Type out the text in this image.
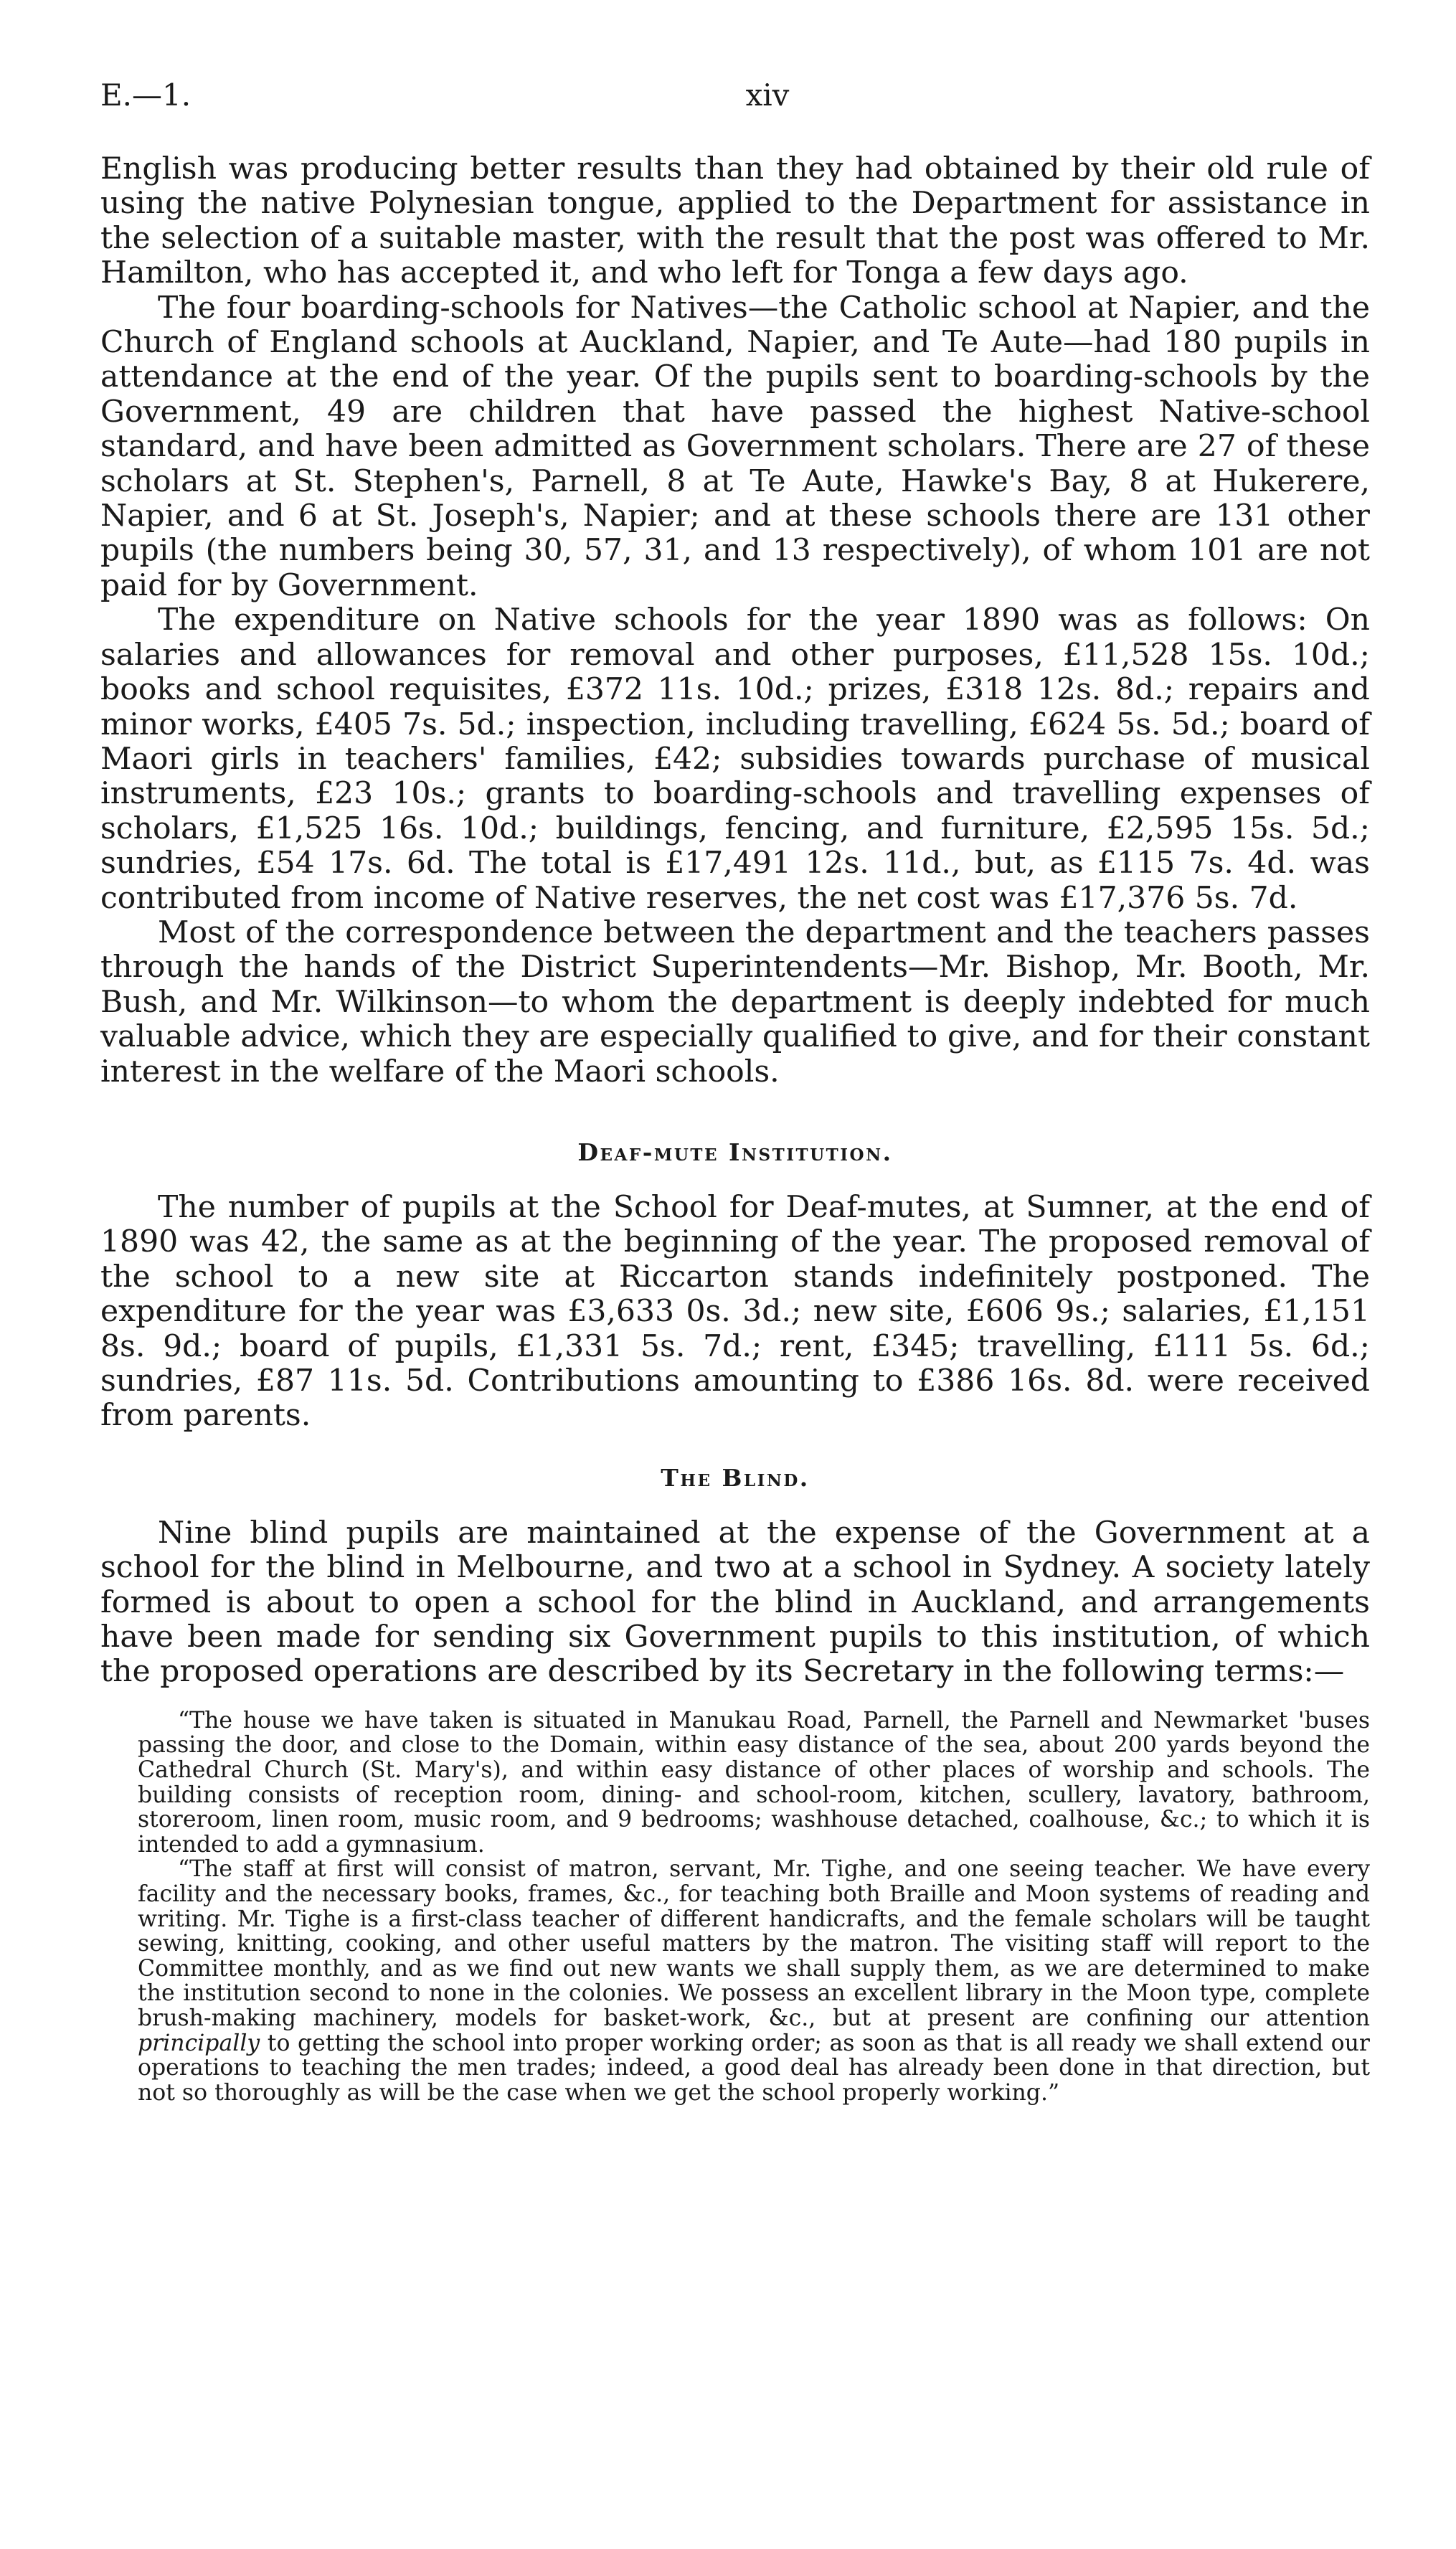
E.—1.	xiv

English was producing better results than they had obtained by their old rule of using the native Polynesian tongue, applied to the Department for assistance in the selection of a suitable master, with the result that the post was offered to Mr. Hamilton, who has accepted it, and who left for Tonga a few days ago.

The four boarding-schools for Natives—the Catholic school at Napier, and the Church of England schools at Auckland, Napier, and Te Aute—had 180 pupils in attendance at the end of the year. Of the pupils sent to boarding-schools by the Government, 49 are children that have passed the highest Native-school standard, and have been admitted as Government scholars. There are 27 of these scholars at St. Stephen's, Parnell, 8 at Te Aute, Hawke's Bay, 8 at Hukerere, Napier, and 6 at St. Joseph's, Napier; and at these schools there are 131 other pupils (the numbers being 30, 57, 31, and 13 respectively), of whom 101 are not paid for by Government.

The expenditure on Native schools for the year 1890 was as follows: On salaries and allowances for removal and other purposes, £11,528 15s. 10d.; books and school requisites, £372 11s. 10d.; prizes, £318 12s. 8d.; repairs and minor works, £405 7s. 5d.; inspection, including travelling, £624 5s. 5d.; board of Maori girls in teachers' families, £42; subsidies towards purchase of musical instruments, £23 10s.; grants to boarding-schools and travelling expenses of scholars, £1,525 16s. 10d.; buildings, fencing, and furniture, £2,595 15s. 5d.; sundries, £54 17s. 6d. The total is £17,491 12s. 11d., but, as £115 7s. 4d. was contributed from income of Native reserves, the net cost was £17,376 5s. 7d.

Most of the correspondence between the department and the teachers passes through the hands of the District Superintendents—Mr. Bishop, Mr. Booth, Mr. Bush, and Mr. Wilkinson—to whom the department is deeply indebted for much valuable advice, which they are especially qualified to give, and for their constant interest in the welfare of the Maori schools.

Deaf-mute Institution.

The number of pupils at the School for Deaf-mutes, at Sumner, at the end of 1890 was 42, the same as at the beginning of the year. The proposed removal of the school to a new site at Riccarton stands indefinitely postponed. The expenditure for the year was £3,633 0s. 3d.; new site, £606 9s.; salaries, £1,151 8s. 9d.; board of pupils, £1,331 5s. 7d.; rent, £345; travelling, £111 5s. 6d.; sundries, £87 11s. 5d. Contributions amounting to £386 16s. 8d. were received from parents.

The Blind.

Nine blind pupils are maintained at the expense of the Government at a school for the blind in Melbourne, and two at a school in Sydney. A society lately formed is about to open a school for the blind in Auckland, and arrangements have been made for sending six Government pupils to this institution, of which the proposed operations are described by its Secretary in the following terms:—

“The house we have taken is situated in Manukau Road, Parnell, the Parnell and Newmarket 'buses passing the door, and close to the Domain, within easy distance of the sea, about 200 yards beyond the Cathedral Church (St. Mary's), and within easy distance of other places of worship and schools. The building consists of reception room, dining- and school-room, kitchen, scullery, lavatory, bathroom, storeroom, linen room, music room, and 9 bedrooms; washhouse detached, coalhouse, &c.; to which it is intended to add a gymnasium.

“The staff at first will consist of matron, servant, Mr. Tighe, and one seeing teacher. We have every facility and the necessary books, frames, &c., for teaching both Braille and Moon systems of reading and writing. Mr. Tighe is a first-class teacher of different handicrafts, and the female scholars will be taught sewing, knitting, cooking, and other useful matters by the matron. The visiting staff will report to the Committee monthly, and as we find out new wants we shall supply them, as we are determined to make the institution second to none in the colonies. We possess an excellent library in the Moon type, complete brush-making machinery, models for basket-work, &c., but at present are confining our attention principally to getting the school into proper working order; as soon as that is all ready we shall extend our operations to teaching the men trades; indeed, a good deal has already been done in that direction, but not so thoroughly as will be the case when we get the school properly working.”
